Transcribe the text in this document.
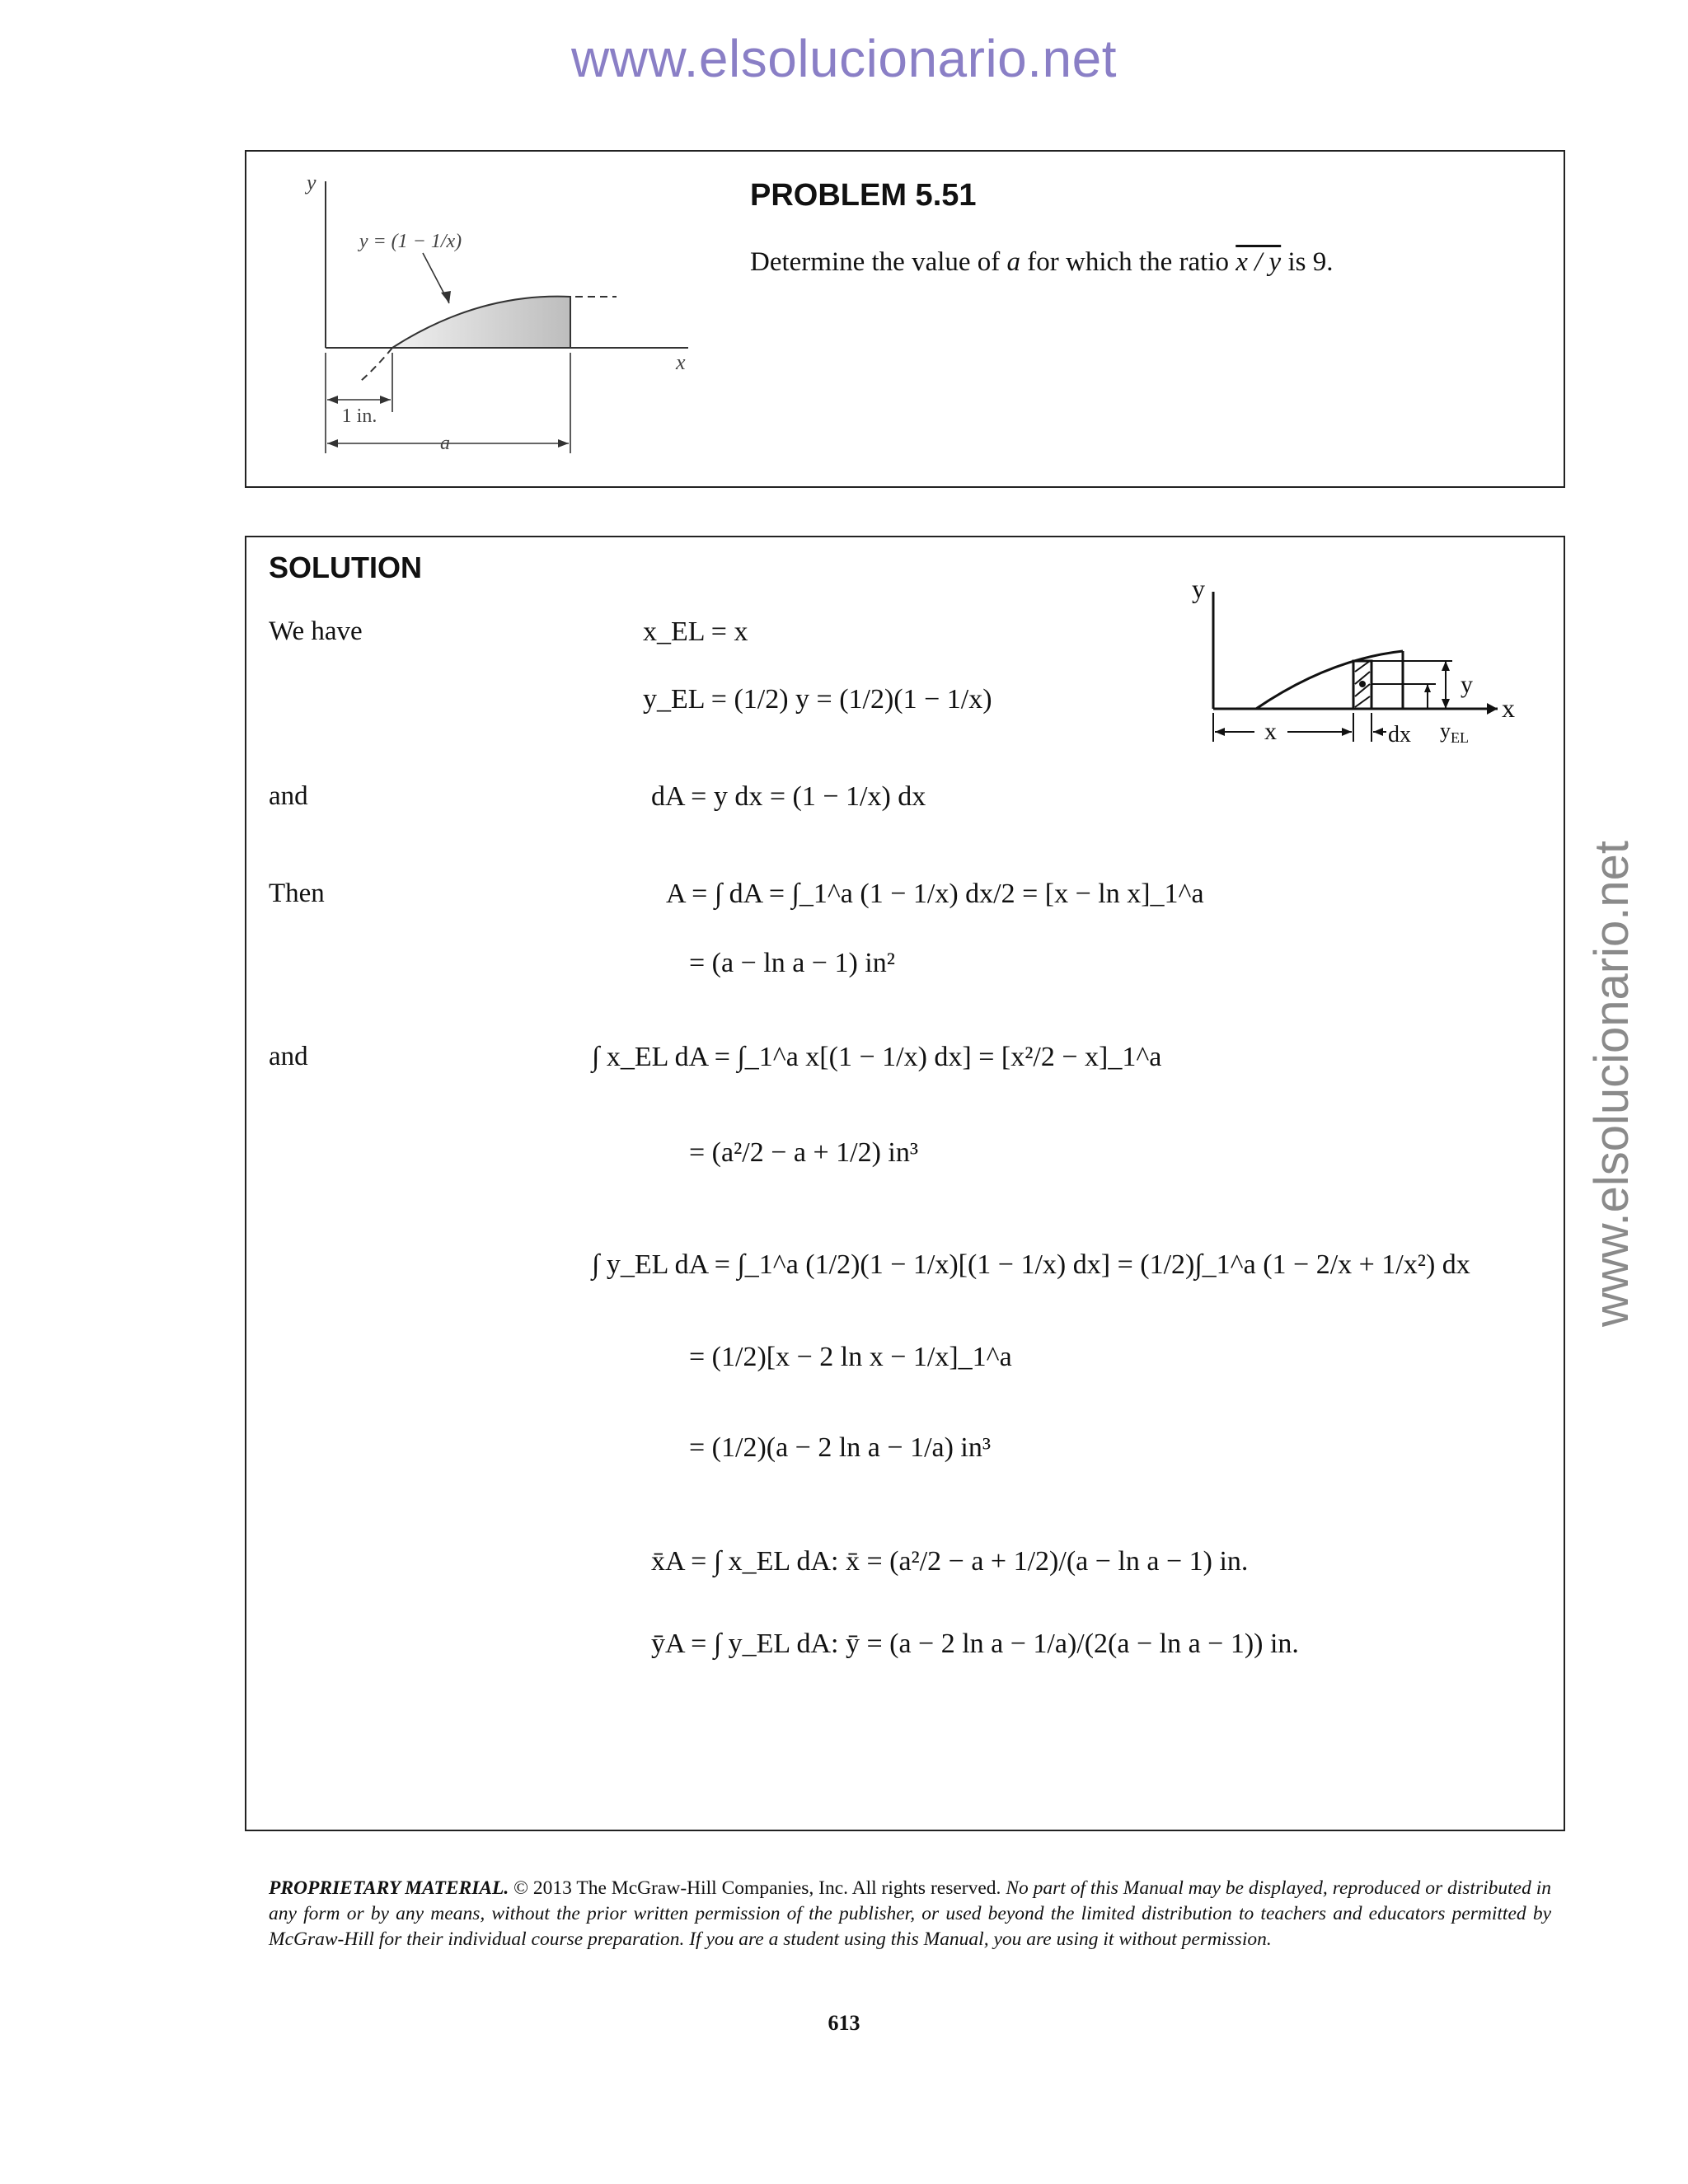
www.elsolucionario.net
www.elsolucionario.net
y
x
y = (1 − 1/x)
1 in.
a
PROBLEM 5.51
Determine the value of a for which the ratio x / y is 9.
SOLUTION
y
x
x	dx
y
$y_{EL}$
We have
and
Then
and
x_EL = x
y_EL = (1/2) y = (1/2)(1 − 1/x)
dA = y dx = (1 − 1/x) dx
A = ∫ dA = ∫_1^a (1 − 1/x) dx/2 = [x − ln x]_1^a
= (a − ln a − 1) in²
∫ x_EL dA = ∫_1^a x[(1 − 1/x) dx] = [x²/2 − x]_1^a
= (a²/2 − a + 1/2) in³
∫ y_EL dA = ∫_1^a (1/2)(1 − 1/x)[(1 − 1/x) dx] = (1/2)∫_1^a (1 − 2/x + 1/x²) dx
= (1/2)[x − 2 ln x − 1/x]_1^a
= (1/2)(a − 2 ln a − 1/a) in³
x̄A = ∫ x_EL dA: x̄ = (a²/2 − a + 1/2)/(a − ln a − 1) in.
ȳA = ∫ y_EL dA: ȳ = (a − 2 ln a − 1/a)/(2(a − ln a − 1)) in.
PROPRIETARY MATERIAL. © 2013 The McGraw-Hill Companies, Inc. All rights reserved. No part of this Manual may be displayed, reproduced or distributed in any form or by any means, without the prior written permission of the publisher, or used beyond the limited distribution to teachers and educators permitted by McGraw-Hill for their individual course preparation. If you are a student using this Manual, you are using it without permission.
613
